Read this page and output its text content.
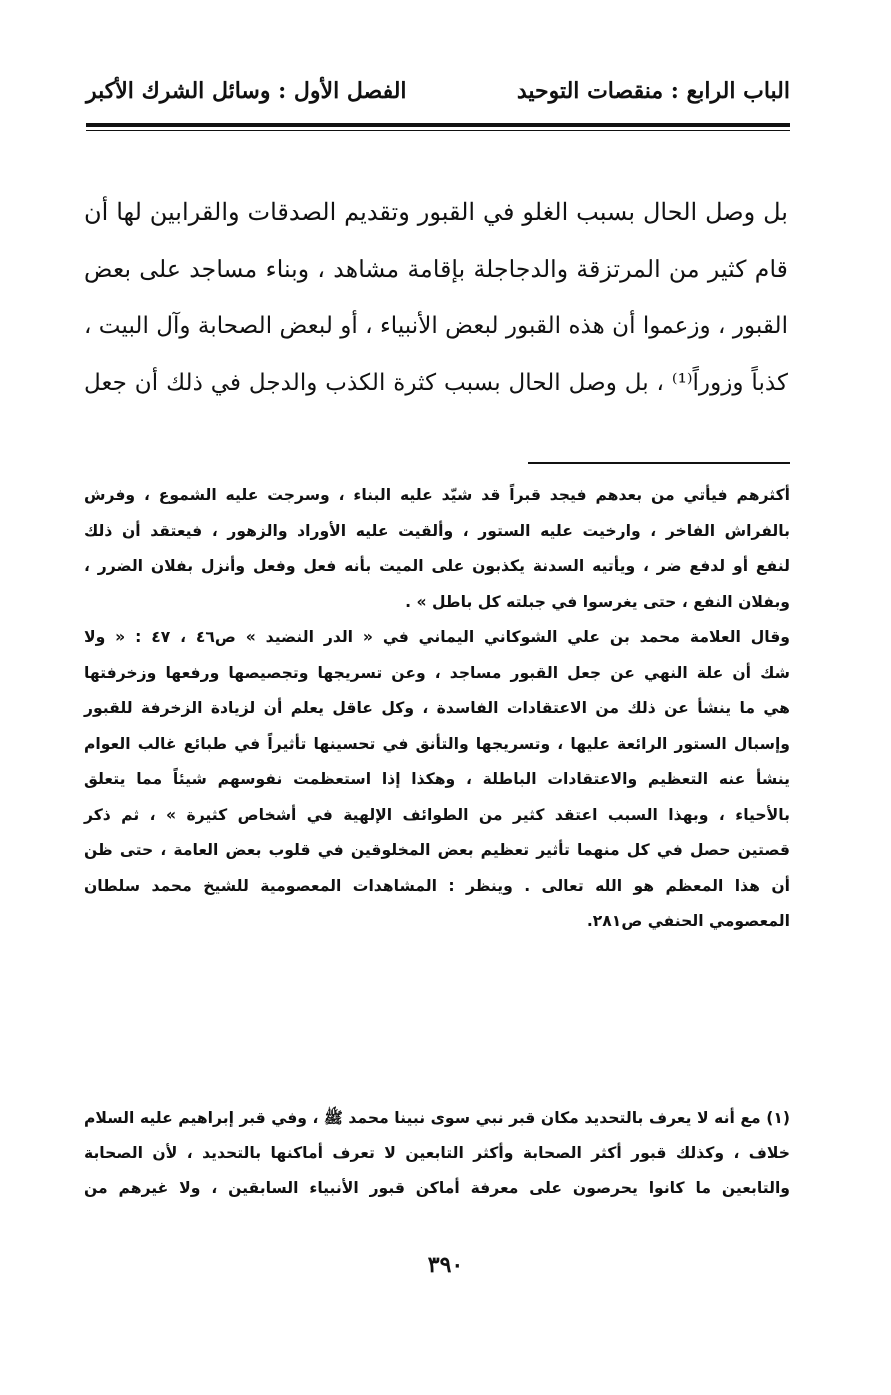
الباب الرابع : منقصات التوحيد
الفصل الأول : وسائل الشرك الأكبر
بل وصل الحال بسبب الغلو في القبور وتقديم الصدقات والقرابين لها أن
قام كثير من المرتزقة والدجاجلة بإقامة مشاهد ، وبناء مساجد على بعض
القبور ، وزعموا أن هذه القبور لبعض الأنبياء ، أو لبعض الصحابة وآل البيت ،
كذباً وزوراً⁽¹⁾ ، بل وصل الحال بسبب كثرة الكذب والدجل في ذلك أن جعل
أكثرهم فيأتي من بعدهم فيجد قبراً قد شيّد عليه البناء ، وسرجت عليه الشموع ، وفرش
بالفراش الفاخر ، وارخيت عليه الستور ، وألقيت عليه الأوراد والزهور ، فيعتقد أن ذلك
لنفع أو لدفع ضر ، ويأتيه السدنة يكذبون على الميت بأنه فعل وفعل وأنزل بفلان الضرر ،
وبفلان النفع ، حتى يغرسوا في جبلته كل باطل » .
وقال العلامة محمد بن علي الشوكاني اليماني في « الدر النضيد » ص٤٦ ، ٤٧ : « ولا
شك أن علة النهي عن جعل القبور مساجد ، وعن تسريجها وتجصيصها ورفعها وزخرفتها
هي ما ينشأ عن ذلك من الاعتقادات الفاسدة ، وكل عاقل يعلم أن لزيادة الزخرفة للقبور
وإسبال الستور الرائعة عليها ، وتسريجها والتأنق في تحسينها تأثيراً في طبائع غالب العوام
ينشأ عنه التعظيم والاعتقادات الباطلة ، وهكذا إذا استعظمت نفوسهم شيئاً مما يتعلق
بالأحياء ، وبهذا السبب اعتقد كثير من الطوائف الإلهية في أشخاص كثيرة » ، ثم ذكر
قصتين حصل في كل منهما تأثير تعظيم بعض المخلوقين في قلوب بعض العامة ، حتى ظن
أن هذا المعظم هو الله تعالى . وينظر : المشاهدات المعصومية للشيخ محمد سلطان
المعصومي الحنفي ص٢٨١.
(١) مع أنه لا يعرف بالتحديد مكان قبر نبي سوى نبينا محمد ﷺ ، وفي قبر إبراهيم عليه السلام
خلاف ، وكذلك قبور أكثر الصحابة وأكثر التابعين لا تعرف أماكنها بالتحديد ، لأن الصحابة
والتابعين ما كانوا يحرصون على معرفة أماكن قبور الأنبياء السابقين ، ولا غيرهم من
٣٩٠
